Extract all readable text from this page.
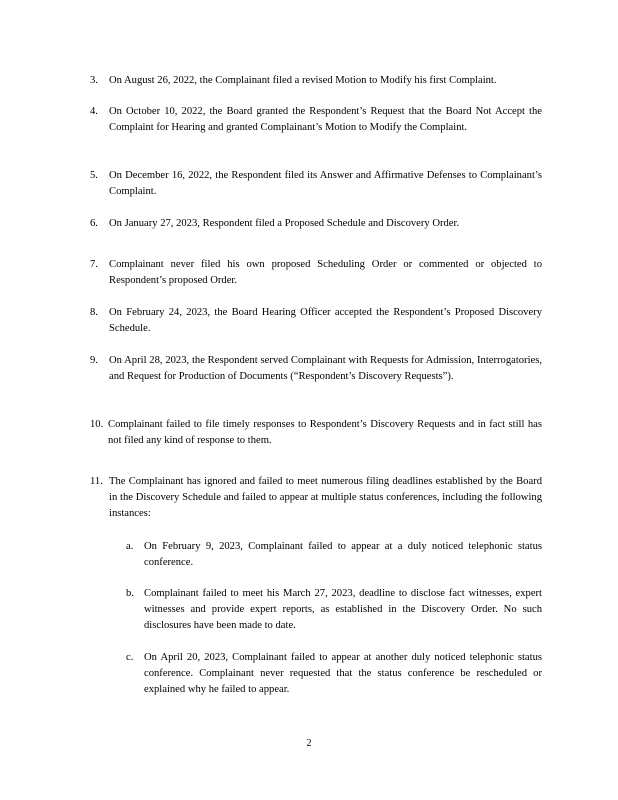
3.	On August 26, 2022, the Complainant filed a revised Motion to Modify his first Complaint.

4.	On October 10, 2022, the Board granted the Respondent’s Request that the Board Not Accept the Complaint for Hearing and granted Complainant’s Motion to Modify the Complaint.

5.	On December 16, 2022, the Respondent filed its Answer and Affirmative Defenses to Complainant’s Complaint.

6.	On January 27, 2023, Respondent filed a Proposed Schedule and Discovery Order.

7.	Complainant never filed his own proposed Scheduling Order or commented or objected to Respondent’s proposed Order.

8.	On February 24, 2023, the Board Hearing Officer accepted the Respondent’s Proposed Discovery Schedule.

9.	On April 28, 2023, the Respondent served Complainant with Requests for Admission, Interrogatories, and Request for Production of Documents (“Respondent’s Discovery Requests”).

10. Complainant failed to file timely responses to Respondent’s Discovery Requests and in fact still has not filed any kind of response to them.

11. The Complainant has ignored and failed to meet numerous filing deadlines established by the Board in the Discovery Schedule and failed to appear at multiple status conferences, including the following instances:

a.	On February 9, 2023, Complainant failed to appear at a duly noticed telephonic status conference.

b. Complainant failed to meet his March 27, 2023, deadline to disclose fact witnesses, expert witnesses and provide expert reports, as established in the Discovery Order. No such disclosures have been made to date.

c.	On April 20, 2023, Complainant failed to appear at another duly noticed telephonic status conference. Complainant never requested that the status conference be rescheduled or explained why he failed to appear.

2
